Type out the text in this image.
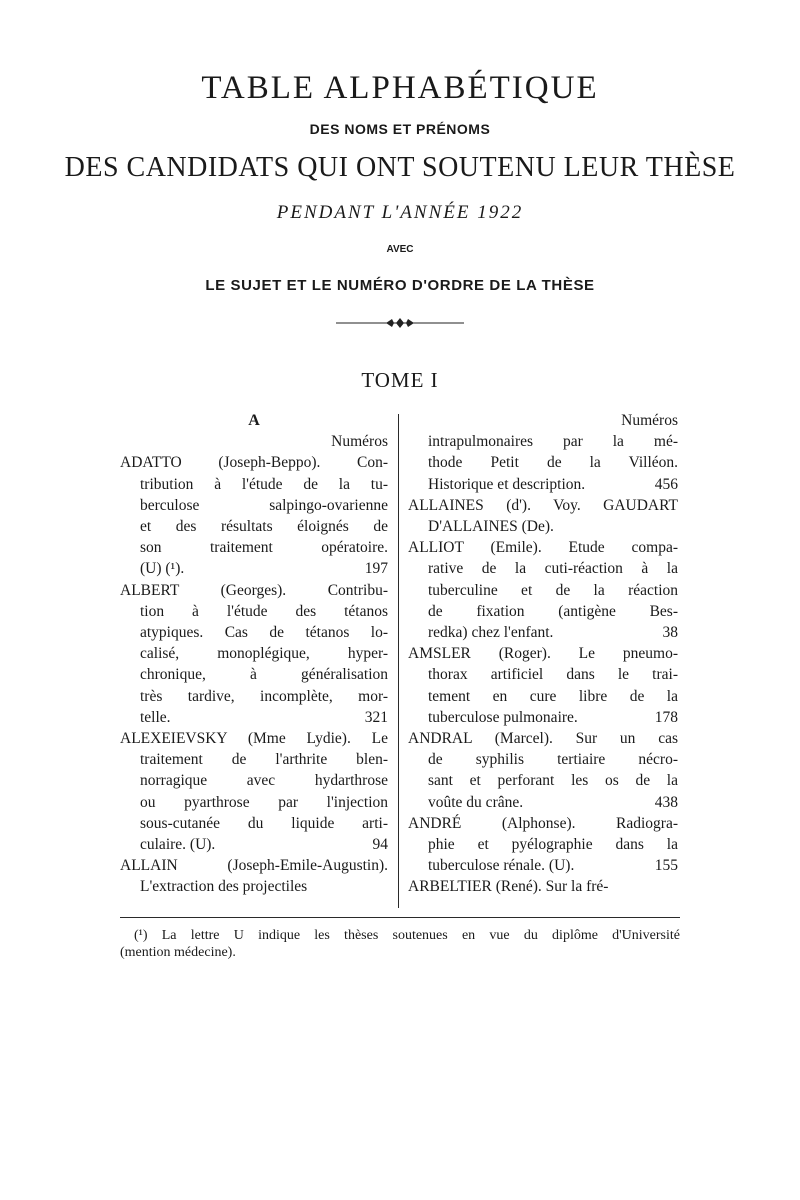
TABLE ALPHABÉTIQUE
DES NOMS ET PRÉNOMS
DES CANDIDATS QUI ONT SOUTENU LEUR THÈSE
PENDANT L'ANNÉE 1922
AVEC
LE SUJET ET LE NUMÉRO D'ORDRE DE LA THÈSE
TOME I
A
Numéros
ADATTO (Joseph-Beppo). Con-
tribution à l'étude de la tu-
berculose salpingo-ovarienne
et des résultats éloignés de
son traitement opératoire.
(U) (¹).	197
ALBERT (Georges). Contribu-
tion à l'étude des tétanos
atypiques. Cas de tétanos lo-
calisé, monoplégique, hyper-
chronique, à généralisation
très tardive, incomplète, mor-
telle.	321
ALEXEIEVSKY (Mme Lydie). Le
traitement de l'arthrite blen-
norragique avec hydarthrose
ou pyarthrose par l'injection
sous-cutanée du liquide arti-
culaire. (U).	94
ALLAIN (Joseph-Emile-Augustin).
L'extraction des projectiles
Numéros
intrapulmonaires par la mé-
thode Petit de la Villéon.
Historique et description.	456
ALLAINES (d'). Voy. GAUDART
D'ALLAINES (De).
ALLIOT (Emile). Etude compa-
rative de la cuti-réaction à la
tuberculine et de la réaction
de fixation (antigène Bes-
redka) chez l'enfant.	38
AMSLER (Roger). Le pneumo-
thorax artificiel dans le trai-
tement en cure libre de la
tuberculose pulmonaire.	178
ANDRAL (Marcel). Sur un cas
de syphilis tertiaire nécro-
sant et perforant les os de la
voûte du crâne.	438
ANDRÉ (Alphonse). Radiogra-
phie et pyélographie dans la
tuberculose rénale. (U).	155
ARBELTIER (René). Sur la fré-
(¹) La lettre U indique les thèses soutenues en vue du diplôme d'Université
(mention médecine).
